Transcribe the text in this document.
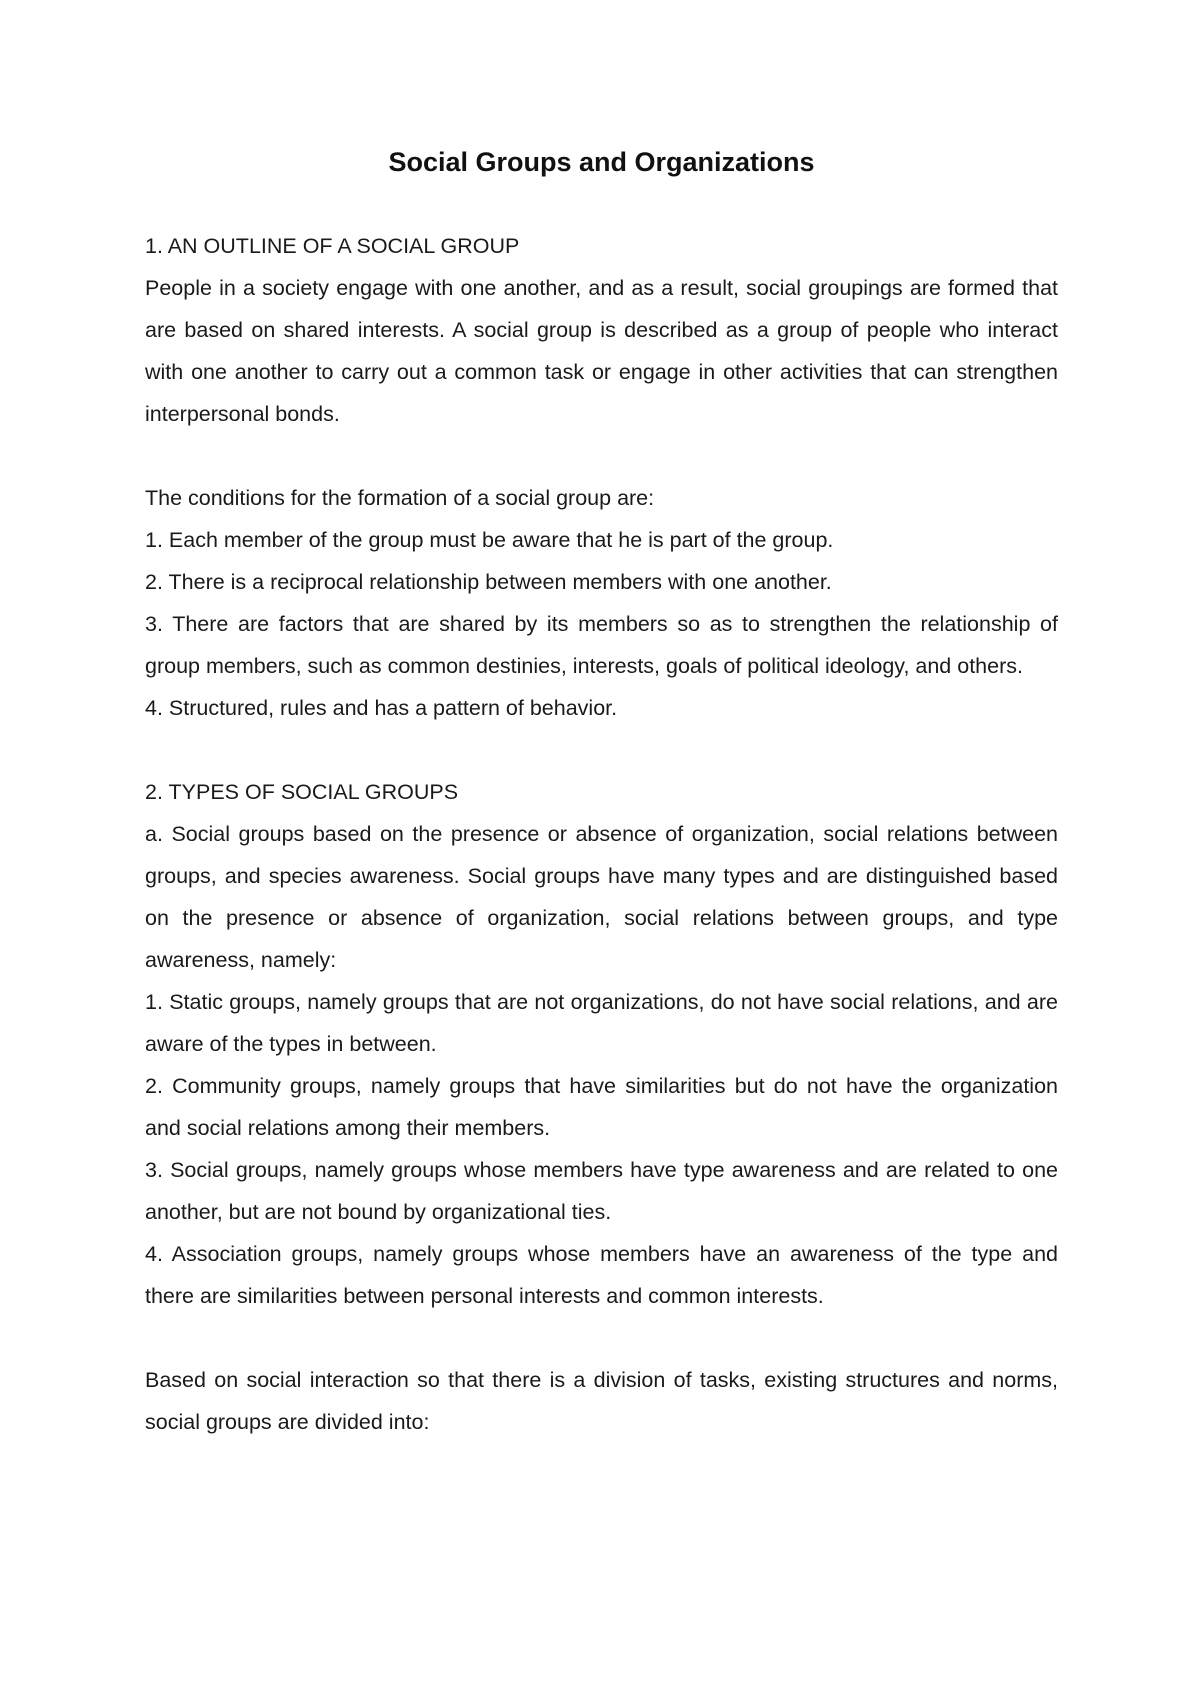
Social Groups and Organizations

1. AN OUTLINE OF A SOCIAL GROUP

People in a society engage with one another, and as a result, social groupings are formed that are based on shared interests. A social group is described as a group of people who interact with one another to carry out a common task or engage in other activities that can strengthen interpersonal bonds.

The conditions for the formation of a social group are:

1. Each member of the group must be aware that he is part of the group.

2. There is a reciprocal relationship between members with one another.

3. There are factors that are shared by its members so as to strengthen the relationship of group members, such as common destinies, interests, goals of political ideology, and others.

4. Structured, rules and has a pattern of behavior.

2. TYPES OF SOCIAL GROUPS

a. Social groups based on the presence or absence of organization, social relations between groups, and species awareness. Social groups have many types and are distinguished based on the presence or absence of organization, social relations between groups, and type awareness, namely:

1. Static groups, namely groups that are not organizations, do not have social relations, and are aware of the types in between.

2. Community groups, namely groups that have similarities but do not have the organization and social relations among their members.

3. Social groups, namely groups whose members have type awareness and are related to one another, but are not bound by organizational ties.

4. Association groups, namely groups whose members have an awareness of the type and there are similarities between personal interests and common interests.

Based on social interaction so that there is a division of tasks, existing structures and norms, social groups are divided into:
